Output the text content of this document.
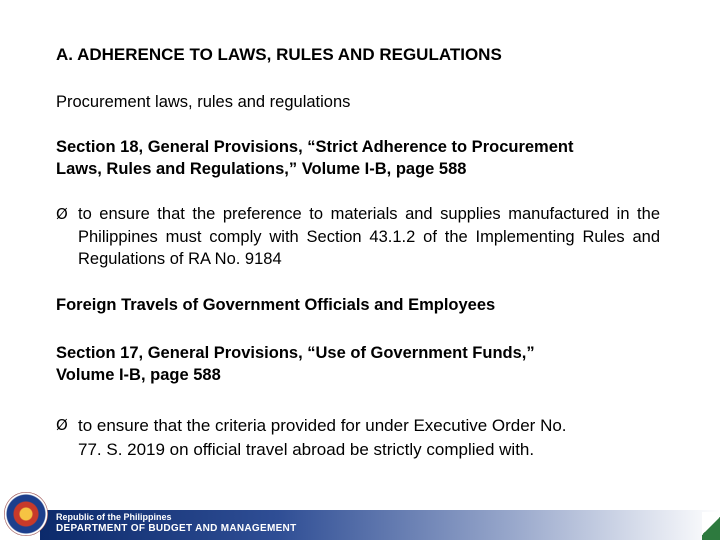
A. ADHERENCE TO LAWS, RULES AND REGULATIONS
Procurement laws, rules and regulations
Section 18, General Provisions, “Strict Adherence to Procurement
Laws, Rules and Regulations,” Volume I-B, page 588
Ø to ensure that the preference to materials and supplies manufactured in the Philippines must comply with Section 43.1.2 of the Implementing Rules and Regulations of RA No. 9184
Foreign Travels of Government Officials and Employees
Section 17, General Provisions, “Use of Government Funds,”
Volume I-B, page 588
Ø to ensure that the criteria provided for under Executive Order No.
77. S. 2019 on official travel abroad be strictly complied with.
Republic of the Philippines
DEPARTMENT OF BUDGET AND MANAGEMENT
